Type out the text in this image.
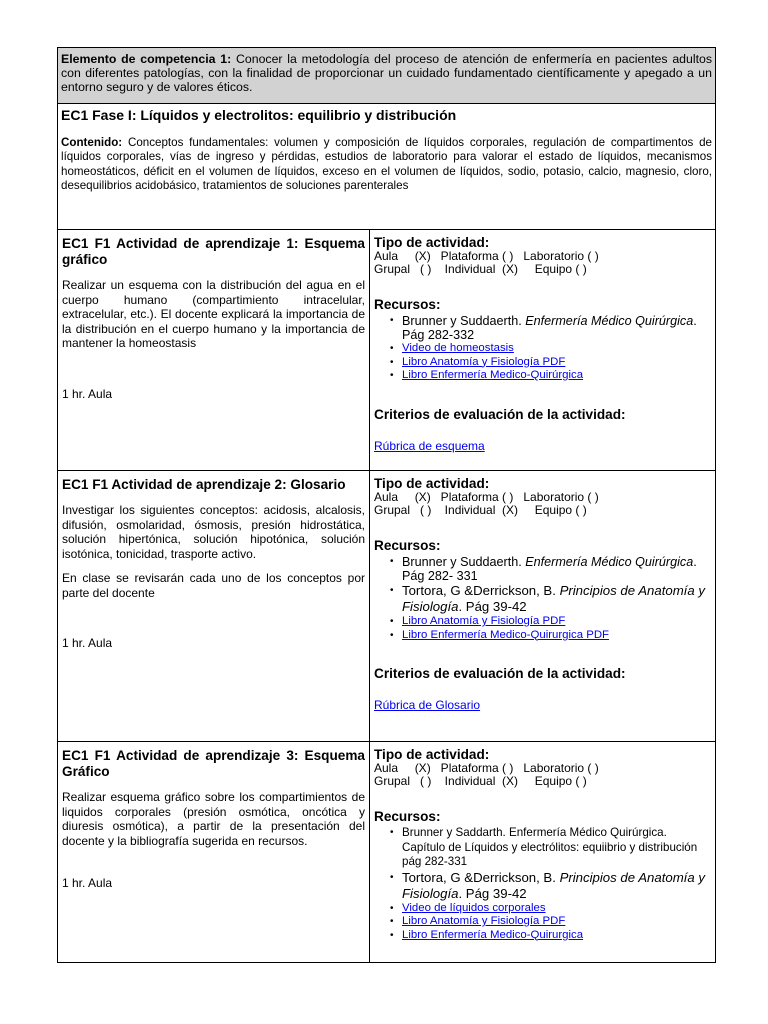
Elemento de competencia 1: Conocer la metodología del proceso de atención de enfermería en pacientes adultos con diferentes patologías, con la finalidad de proporcionar un cuidado fundamentado científicamente y apegado a un entorno seguro y de valores éticos.

EC1 Fase I: Líquidos y electrolitos: equilibrio y distribución

Contenido: Conceptos fundamentales: volumen y composición de líquidos corporales, regulación de compartimentos de líquidos corporales, vías de ingreso y pérdidas, estudios de laboratorio para valorar el estado de líquidos, mecanismos homeostáticos, déficit en el volumen de líquidos, exceso en el volumen de líquidos, sodio, potasio, calcio, magnesio, cloro, desequilibrios acidobásico, tratamientos de soluciones parenterales

EC1 F1 Actividad de aprendizaje 1: Esquema gráfico

Realizar un esquema con la distribución del agua en el cuerpo humano (compartimiento intracelular, extracelular, etc.). El docente explicará la importancia de la distribución en el cuerpo humano y la importancia de mantener la homeostasis

1 hr. Aula

Tipo de actividad:

Aula     (X)   Plataforma ( )   Laboratorio ( )

Grupal   ( )    Individual  (X)     Equipo ( )

Recursos:

• Brunner y Suddaerth. Enfermería Médico Quirúrgica. Pág 282-332
• Video de homeostasis
• Libro Anatomía y Fisiología PDF
• Libro Enfermería Medico-Quirúrgica

Criterios de evaluación de la actividad:

Rúbrica de esquema

EC1 F1 Actividad de aprendizaje 2: Glosario

Investigar los siguientes conceptos: acidosis, alcalosis, difusión, osmolaridad, ósmosis, presión hidrostática, solución hipertónica, solución hipotónica, solución isotónica, tonicidad, trasporte activo.

En clase se revisarán cada uno de los conceptos por parte del docente

1 hr. Aula

Tipo de actividad:

Aula     (X)   Plataforma ( )   Laboratorio ( )

Grupal   ( )    Individual  (X)     Equipo ( )

Recursos:

• Brunner y Suddaerth. Enfermería Médico Quirúrgica. Pág 282- 331
• Tortora, G &Derrickson, B. Principios de Anatomía y Fisiología. Pág 39-42
• Libro Anatomía y Fisiología PDF
• Libro Enfermería Medico-Quirurgica PDF

Criterios de evaluación de la actividad:

Rúbrica de Glosario

EC1 F1 Actividad de aprendizaje 3: Esquema Gráfico

Realizar esquema gráfico sobre los compartimientos de liquidos corporales (presión osmótica, oncótica y diuresis osmótica), a partir de la presentación del docente y la bibliografía sugerida en recursos.

1 hr. Aula

Tipo de actividad:

Aula     (X)   Plataforma ( )   Laboratorio ( )

Grupal   ( )    Individual  (X)     Equipo ( )

Recursos:

• Brunner y Saddarth. Enfermería Médico Quirúrgica. Capítulo de Líquidos y electrólitos: equiibrio y distribución pág 282-331
• Tortora, G &Derrickson, B. Principios de Anatomía y Fisiología. Pág 39-42
• Video de líquidos corporales
• Libro Anatomía y Fisiología PDF
• Libro Enfermería Medico-Quirurgica
